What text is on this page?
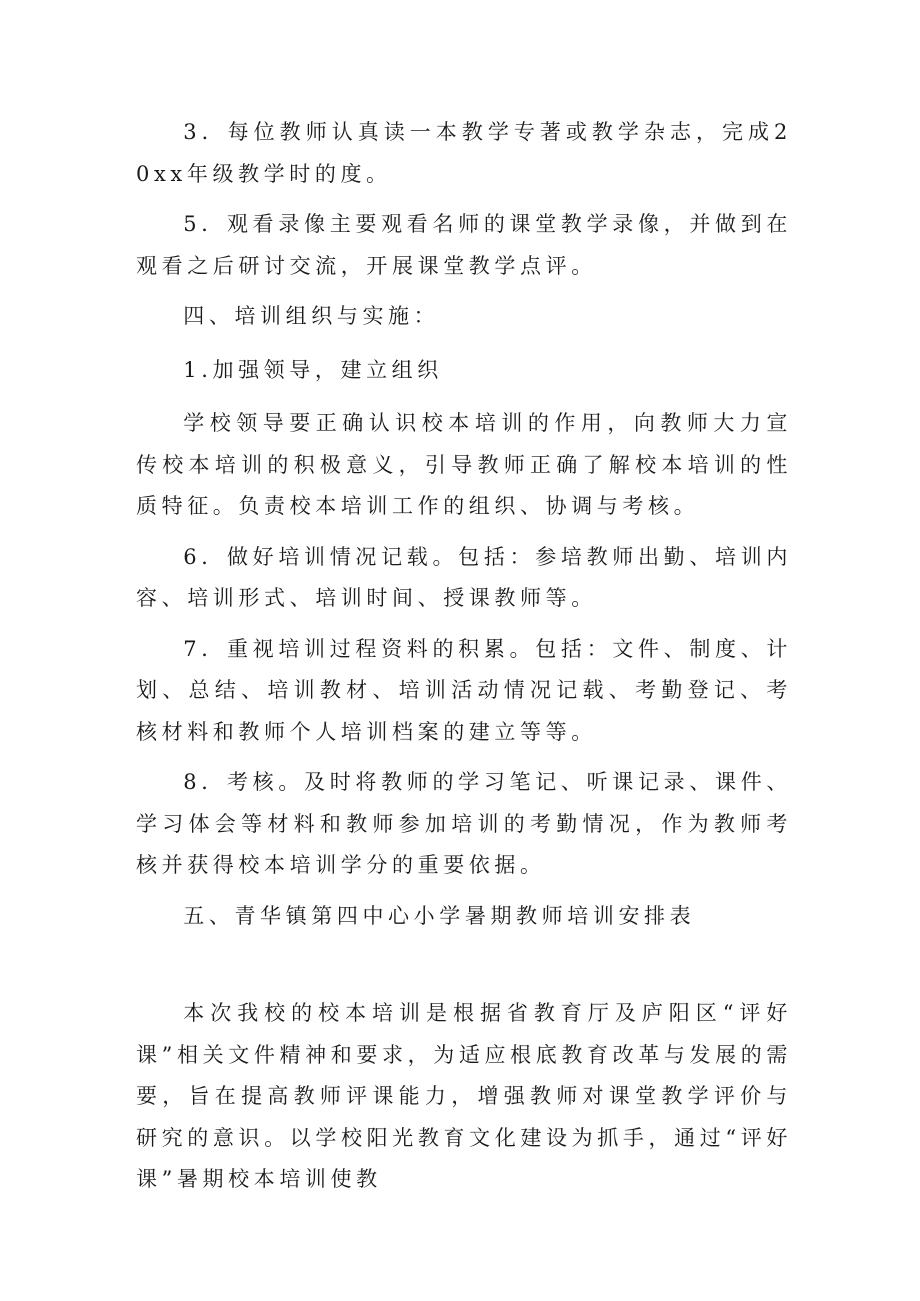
3．每位教师认真读一本教学专著或教学杂志，完成20xx年级教学时的度。

5．观看录像主要观看名师的课堂教学录像，并做到在观看之后研讨交流，开展课堂教学点评。

四、培训组织与实施：

1.加强领导，建立组织

学校领导要正确认识校本培训的作用，向教师大力宣传校本培训的积极意义，引导教师正确了解校本培训的性质特征。负责校本培训工作的组织、协调与考核。

6．做好培训情况记载。包括：参培教师出勤、培训内容、培训形式、培训时间、授课教师等。

7．重视培训过程资料的积累。包括：文件、制度、计划、总结、培训教材、培训活动情况记载、考勤登记、考核材料和教师个人培训档案的建立等等。

8．考核。及时将教师的学习笔记、听课记录、课件、学习体会等材料和教师参加培训的考勤情况，作为教师考核并获得校本培训学分的重要依据。

五、青华镇第四中心小学暑期教师培训安排表

本次我校的校本培训是根据省教育厅及庐阳区“评好课”相关文件精神和要求，为适应根底教育改革与发展的需要，旨在提高教师评课能力，增强教师对课堂教学评价与研究的意识。以学校阳光教育文化建设为抓手，通过“评好课”暑期校本培训使教
